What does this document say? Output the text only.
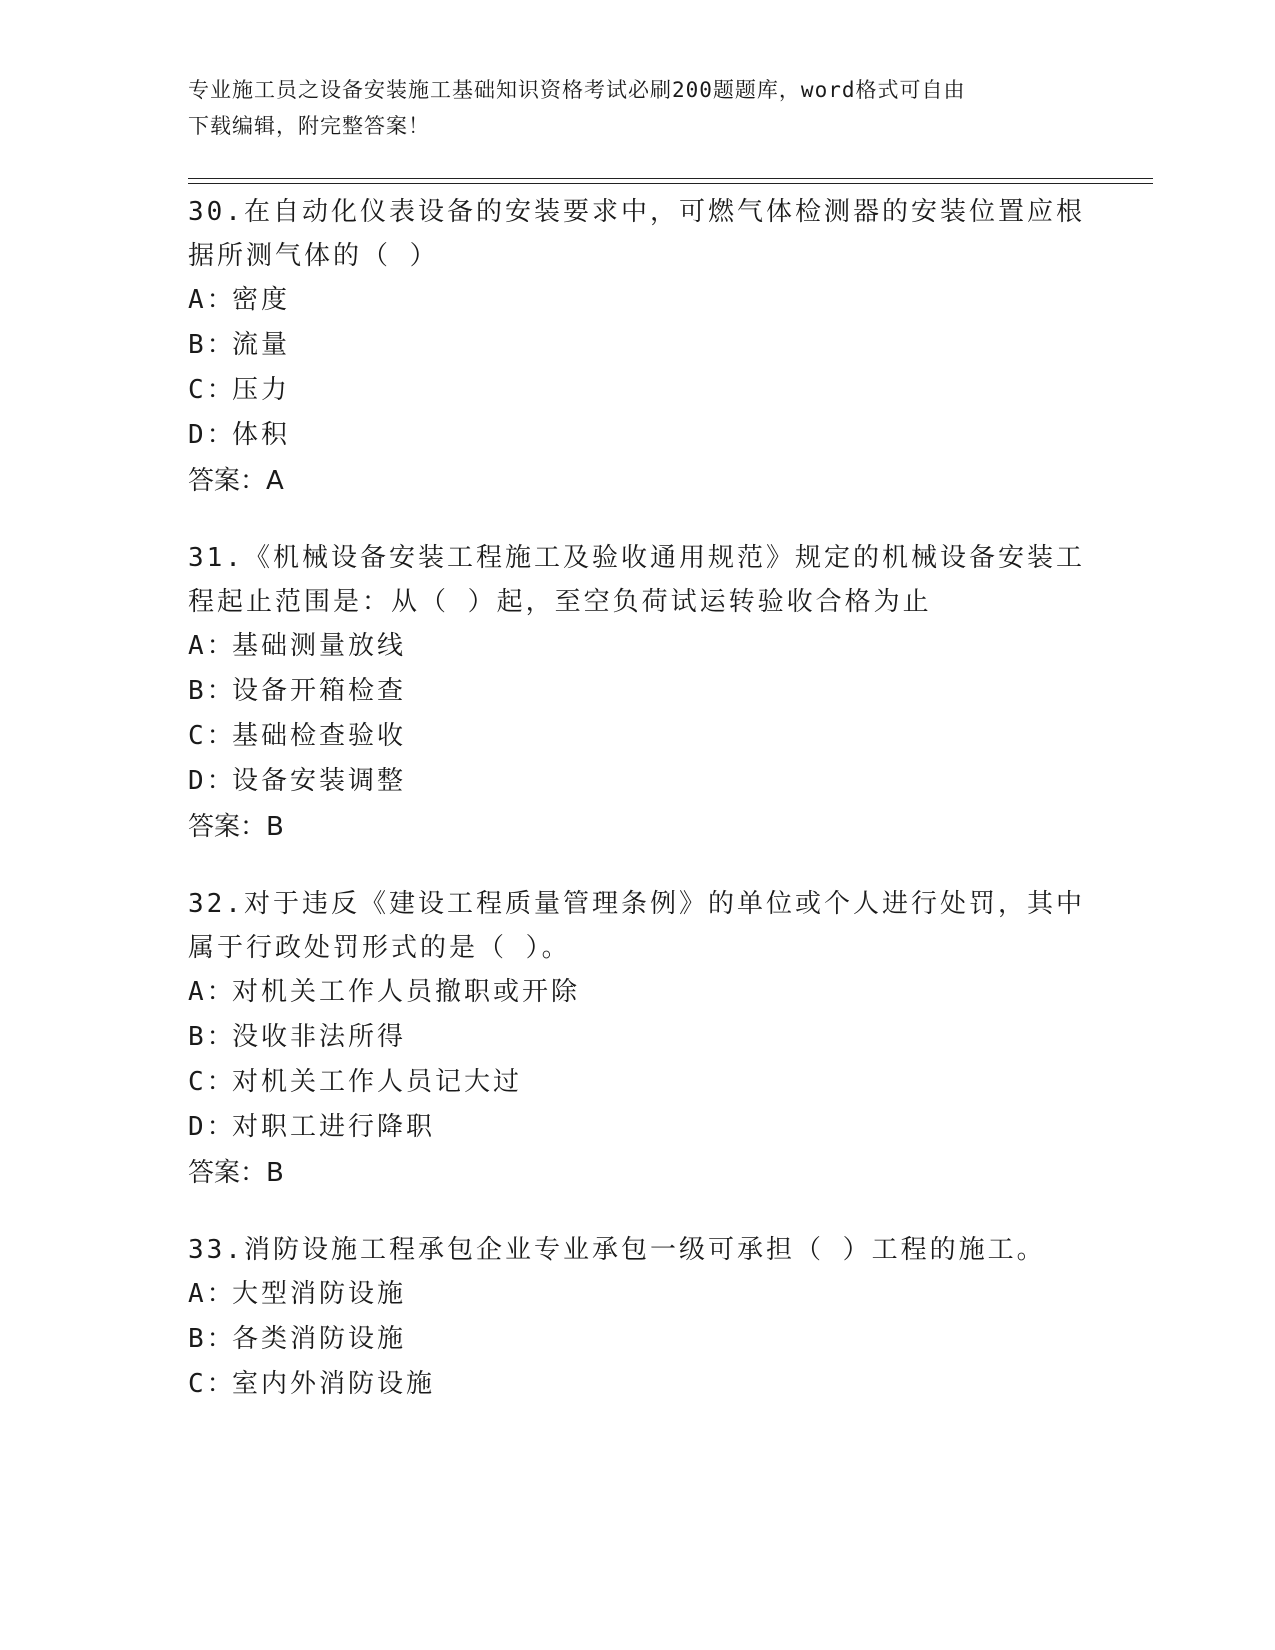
专业施工员之设备安装施工基础知识资格考试必刷200题题库，word格式可自由
下载编辑，附完整答案！

30.在自动化仪表设备的安装要求中，可燃气体检测器的安装位置应根

据所测气体的（ ）

A：密度

B：流量

C：压力

D：体积

答案：A

31.《机械设备安装工程施工及验收通用规范》规定的机械设备安装工

程起止范围是：从（ ）起，至空负荷试运转验收合格为止

A：基础测量放线

B：设备开箱检查

C：基础检查验收

D：设备安装调整

答案：B

32.对于违反《建设工程质量管理条例》的单位或个人进行处罚，其中

属于行政处罚形式的是（ ）。

A：对机关工作人员撤职或开除

B：没收非法所得

C：对机关工作人员记大过

D：对职工进行降职

答案：B

33.消防设施工程承包企业专业承包一级可承担（ ）工程的施工。

A：大型消防设施

B：各类消防设施

C：室内外消防设施
